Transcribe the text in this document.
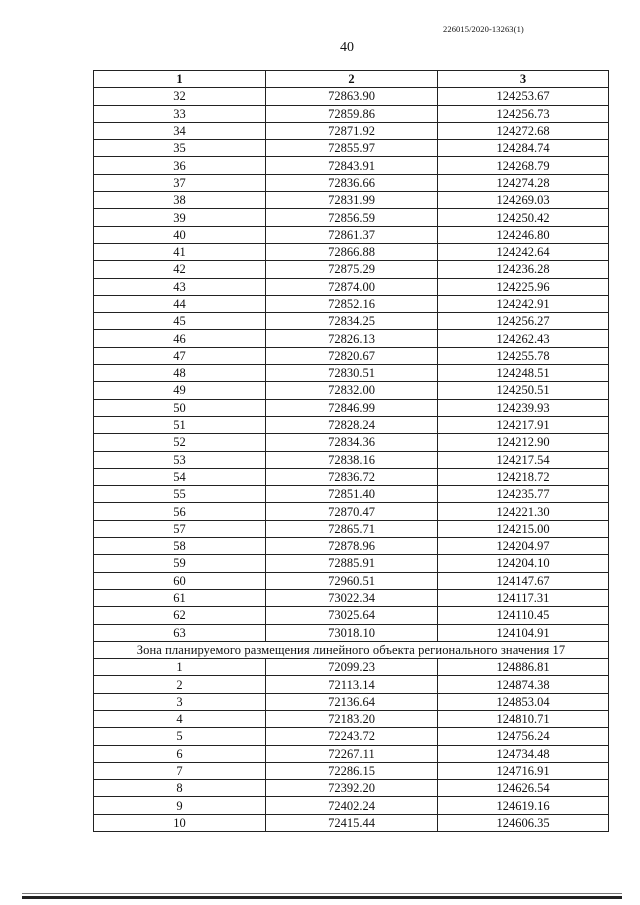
226015/2020-13263(1)
40
1	2	3
32	72863.90	124253.67
33	72859.86	124256.73
34	72871.92	124272.68
35	72855.97	124284.74
36	72843.91	124268.79
37	72836.66	124274.28
38	72831.99	124269.03
39	72856.59	124250.42
40	72861.37	124246.80
41	72866.88	124242.64
42	72875.29	124236.28
43	72874.00	124225.96
44	72852.16	124242.91
45	72834.25	124256.27
46	72826.13	124262.43
47	72820.67	124255.78
48	72830.51	124248.51
49	72832.00	124250.51
50	72846.99	124239.93
51	72828.24	124217.91
52	72834.36	124212.90
53	72838.16	124217.54
54	72836.72	124218.72
55	72851.40	124235.77
56	72870.47	124221.30
57	72865.71	124215.00
58	72878.96	124204.97
59	72885.91	124204.10
60	72960.51	124147.67
61	73022.34	124117.31
62	73025.64	124110.45
63	73018.10	124104.91
Зона планируемого размещения линейного объекта регионального значения 17		
1	72099.23	124886.81
2	72113.14	124874.38
3	72136.64	124853.04
4	72183.20	124810.71
5	72243.72	124756.24
6	72267.11	124734.48
7	72286.15	124716.91
8	72392.20	124626.54
9	72402.24	124619.16
10	72415.44	124606.35
